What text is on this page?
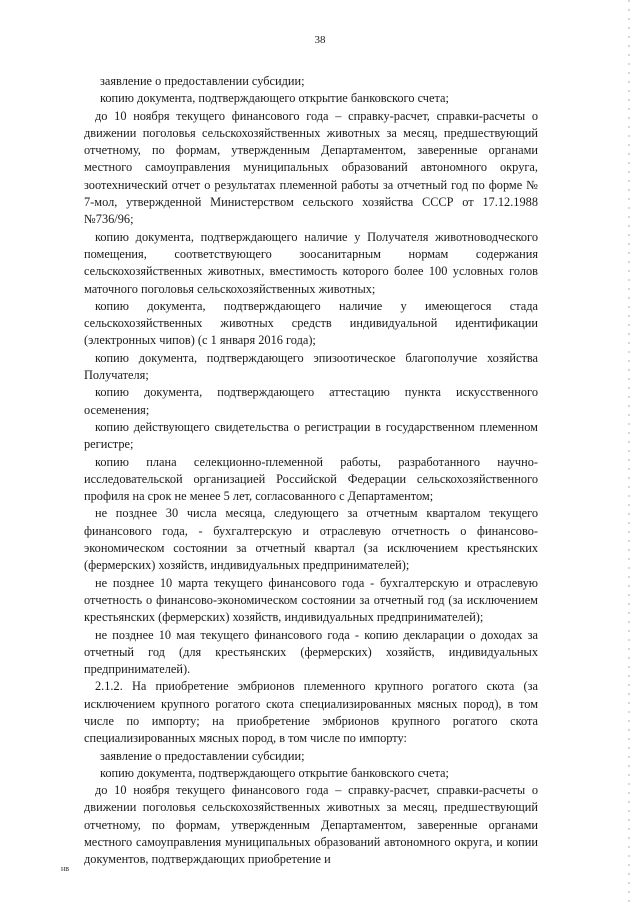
38

заявление о предоставлении субсидии;

копию документа, подтверждающего открытие банковского счета;

до 10 ноября текущего финансового года – справку-расчет, справки-расчеты о движении поголовья сельскохозяйственных животных за месяц, предшествующий отчетному, по формам, утвержденным Департаментом, заверенные органами местного самоуправления муниципальных образований автономного округа, зоотехнический отчет о результатах племенной работы за отчетный год по форме № 7-мол, утвержденной Министерством сельского хозяйства СССР от 17.12.1988 №736/96;

копию документа, подтверждающего наличие у Получателя животноводческого помещения, соответствующего зоосанитарным нормам содержания сельскохозяйственных животных, вместимость которого более 100 условных голов маточного поголовья сельскохозяйственных животных;

копию документа, подтверждающего наличие у имеющегося стада сельскохозяйственных животных средств индивидуальной идентификации (электронных чипов) (с 1 января 2016 года);

копию документа, подтверждающего эпизоотическое благополучие хозяйства Получателя;

копию документа, подтверждающего аттестацию пункта искусственного осеменения;

копию действующего свидетельства о регистрации в государственном племенном регистре;

копию плана селекционно-племенной работы, разработанного научно-исследовательской организацией Российской Федерации сельскохозяйственного профиля на срок не менее 5 лет, согласованного с Департаментом;

не позднее 30 числа месяца, следующего за отчетным кварталом текущего финансового года, - бухгалтерскую и отраслевую отчетность о финансово-экономическом состоянии за отчетный квартал (за исключением крестьянских (фермерских) хозяйств, индивидуальных предпринимателей);

не позднее 10 марта текущего финансового года - бухгалтерскую и отраслевую отчетность о финансово-экономическом состоянии за отчетный год (за исключением крестьянских (фермерских) хозяйств, индивидуальных предпринимателей);

не позднее 10 мая текущего финансового года - копию декларации о доходах за отчетный год (для крестьянских (фермерских) хозяйств, индивидуальных предпринимателей).

2.1.2. На приобретение эмбрионов племенного крупного рогатого скота (за исключением крупного рогатого скота специализированных мясных пород), в том числе по импорту; на приобретение эмбрионов крупного рогатого скота специализированных мясных пород, в том числе по импорту:

заявление о предоставлении субсидии;

копию документа, подтверждающего открытие банковского счета;

до 10 ноября текущего финансового года – справку-расчет, справки-расчеты о движении поголовья сельскохозяйственных животных за месяц, предшествующий отчетному, по формам, утвержденным Департаментом, заверенные органами местного самоуправления муниципальных образований автономного округа, и копии документов, подтверждающих приобретение и

нв
